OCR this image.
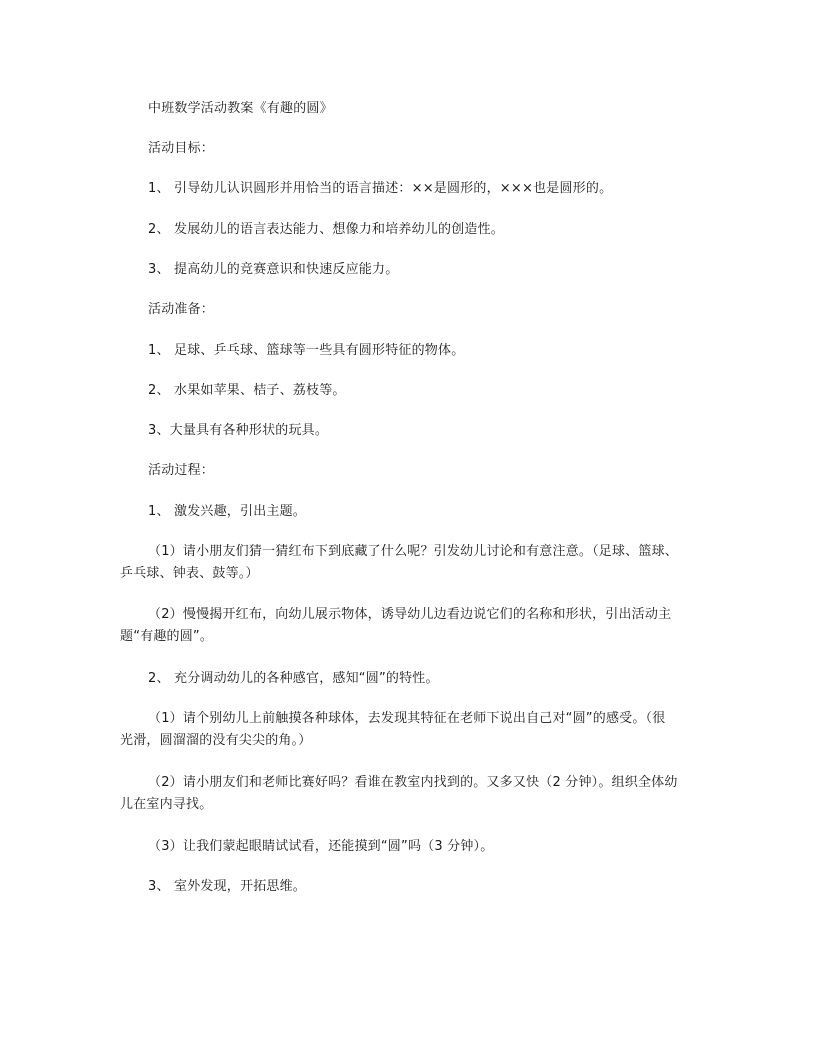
中班数学活动教案《有趣的圆》
活动目标：
1、 引导幼儿认识圆形并用恰当的语言描述：××是圆形的，×××也是圆形的。
2、 发展幼儿的语言表达能力、想像力和培养幼儿的创造性。
3、 提高幼儿的竞赛意识和快速反应能力。
活动准备：
1、 足球、乒乓球、篮球等一些具有圆形特征的物体。
2、 水果如苹果、桔子、荔枝等。
3、大量具有各种形状的玩具。
活动过程：
1、 激发兴趣，引出主题。
（1）请小朋友们猜一猜红布下到底藏了什么呢？引发幼儿讨论和有意注意。（足球、篮球、
乒乓球、钟表、鼓等。）
（2）慢慢揭开红布，向幼儿展示物体，诱导幼儿边看边说它们的名称和形状，引出活动主
题“有趣的圆”。
2、 充分调动幼儿的各种感官，感知“圆”的特性。
（1）请个别幼儿上前触摸各种球体，去发现其特征在老师下说出自己对“圆”的感受。（很
光滑，圆溜溜的没有尖尖的角。）
（2）请小朋友们和老师比赛好吗？看谁在教室内找到的。又多又快（2 分钟）。组织全体幼
儿在室内寻找。
（3）让我们蒙起眼睛试试看，还能摸到“圆”吗（3 分钟）。
3、 室外发现，开拓思维。
